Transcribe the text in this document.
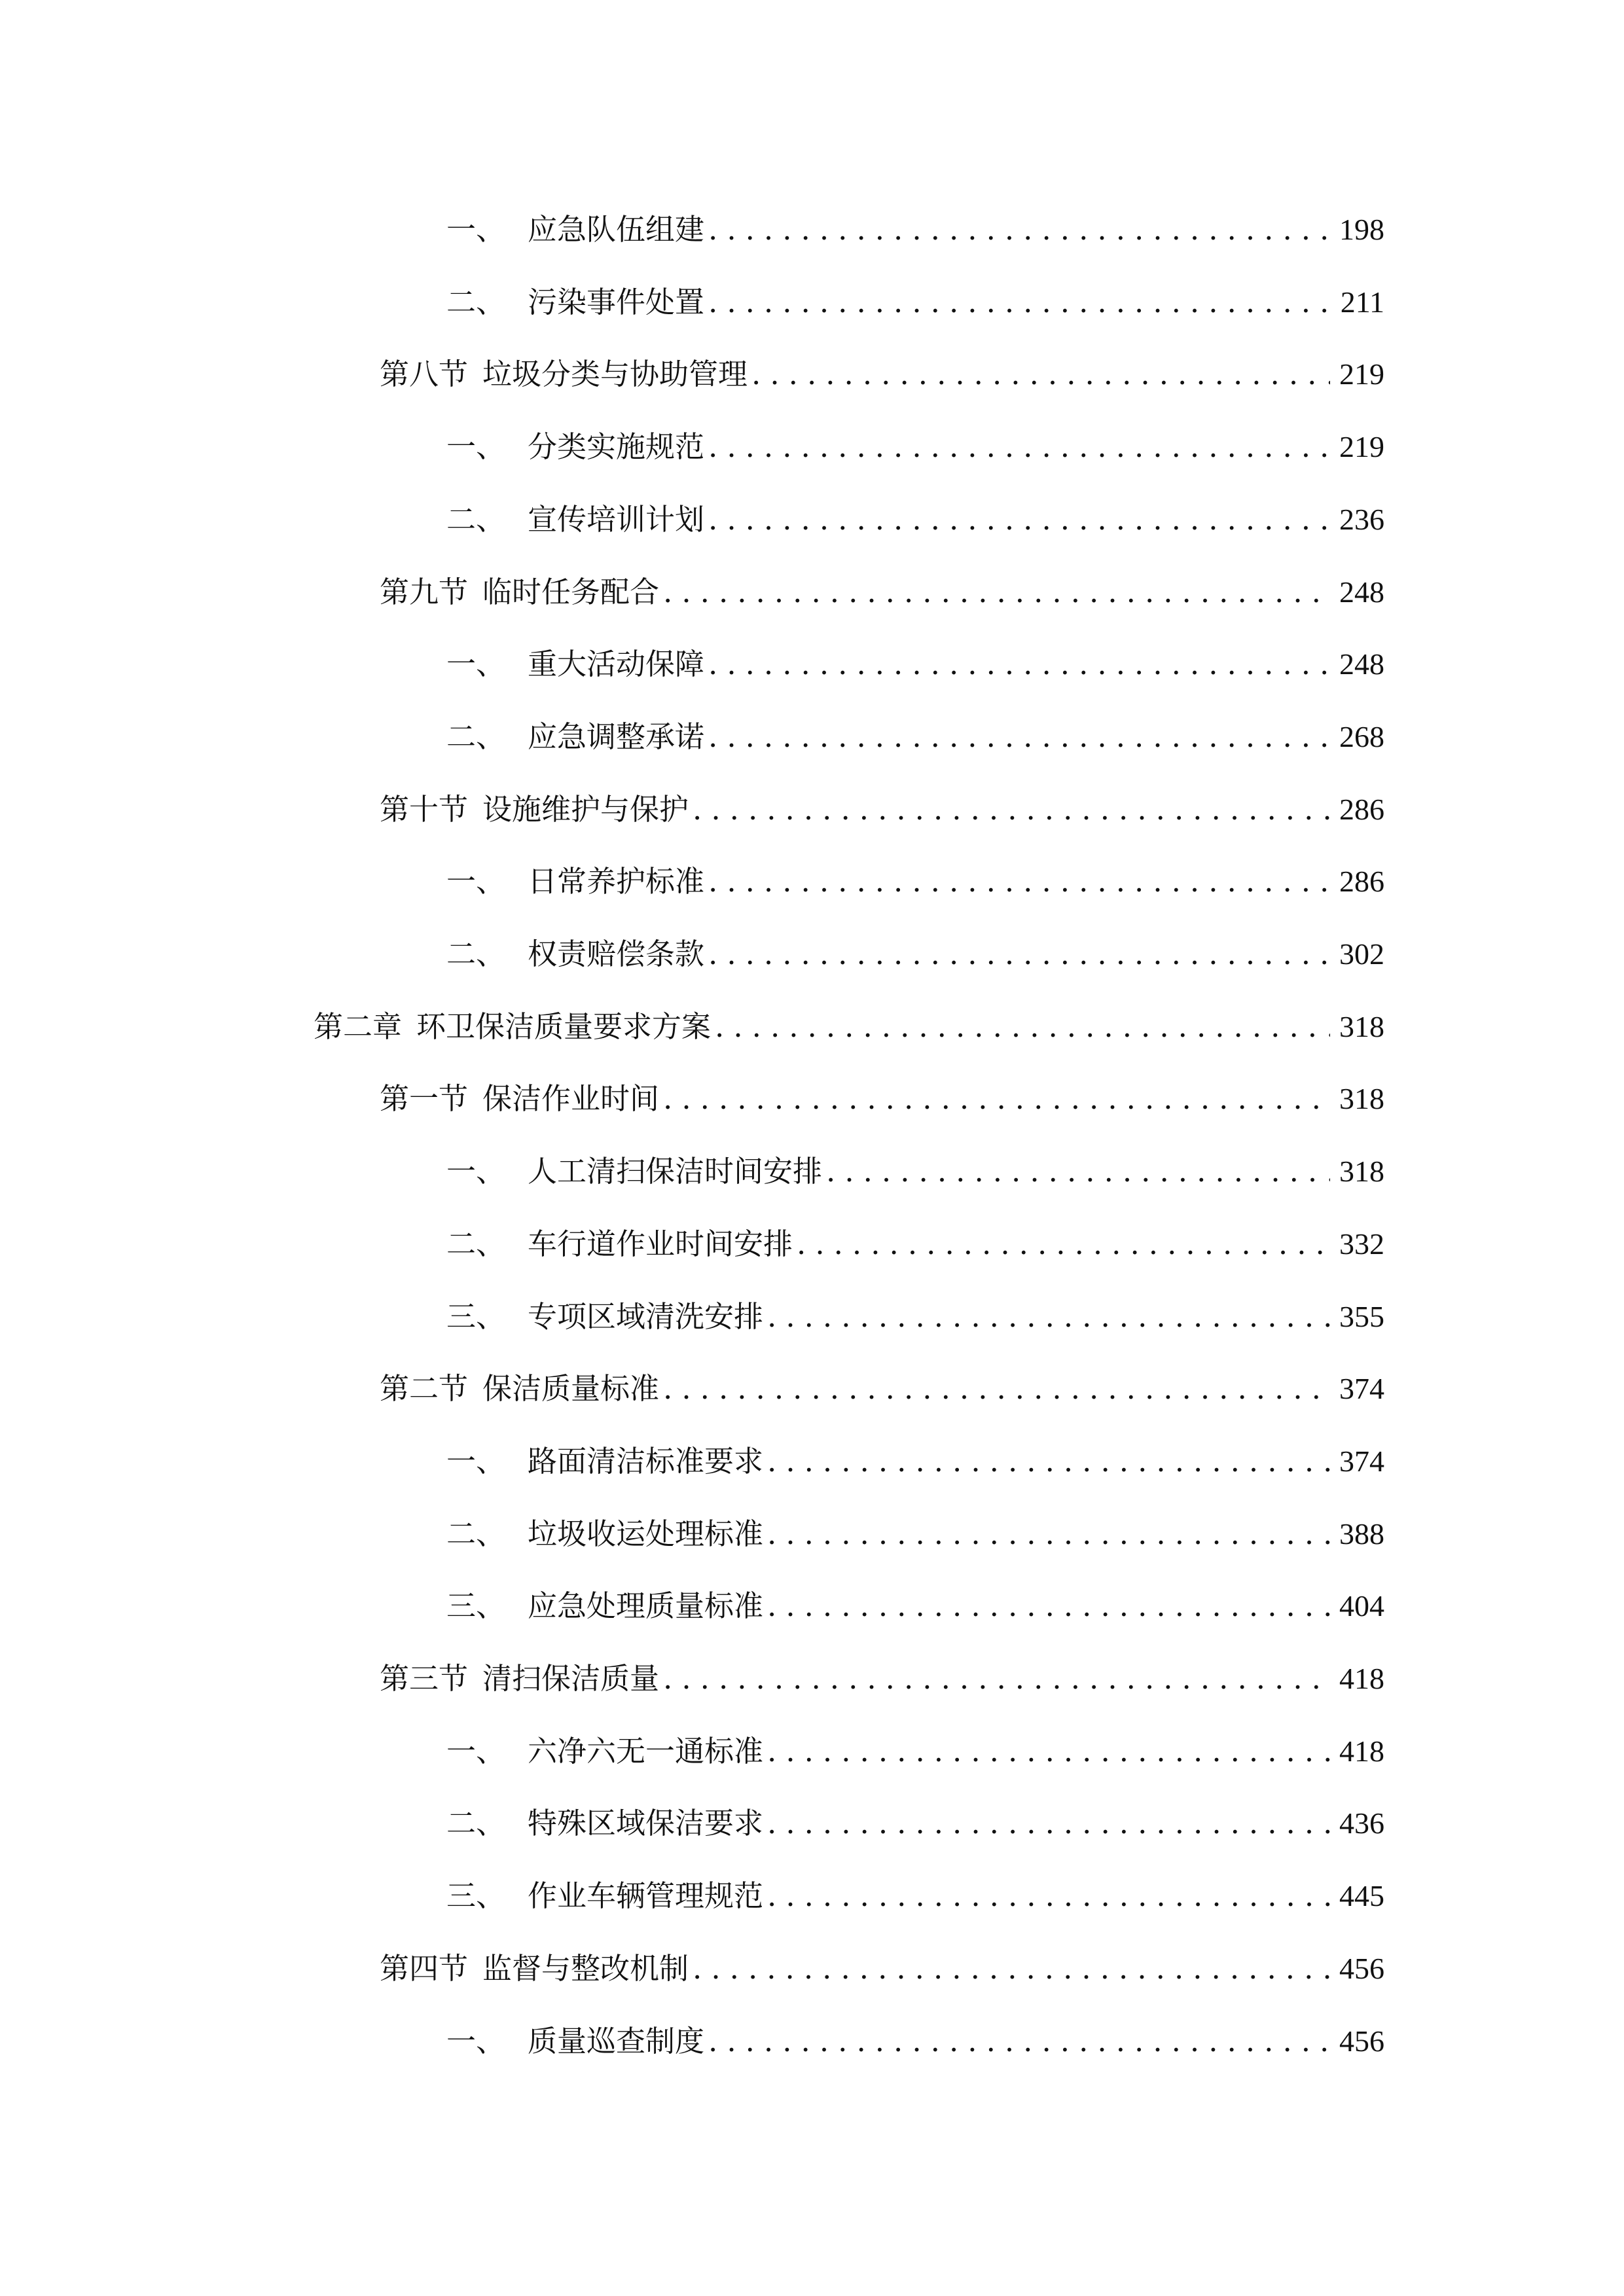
一、 应急队伍组建 .....	198
二、 污染事件处置 .....	211
第八节 垃圾分类与协助管理 .....	219
一、 分类实施规范 .....	219
二、 宣传培训计划 .....	236
第九节 临时任务配合 .....	248
一、 重大活动保障 .....	248
二、 应急调整承诺 .....	268
第十节 设施维护与保护 .....	286
一、 日常养护标准 .....	286
二、 权责赔偿条款 .....	302
第二章 环卫保洁质量要求方案 .....	318
第一节 保洁作业时间 .....	318
一、 人工清扫保洁时间安排 .....	318
二、 车行道作业时间安排 .....	332
三、 专项区域清洗安排 .....	355
第二节 保洁质量标准 .....	374
一、 路面清洁标准要求 .....	374
二、 垃圾收运处理标准 .....	388
三、 应急处理质量标准 .....	404
第三节 清扫保洁质量 .....	418
一、 六净六无一通标准 .....	418
二、 特殊区域保洁要求 .....	436
三、 作业车辆管理规范 .....	445
第四节 监督与整改机制 .....	456
一、 质量巡查制度 .....	456
